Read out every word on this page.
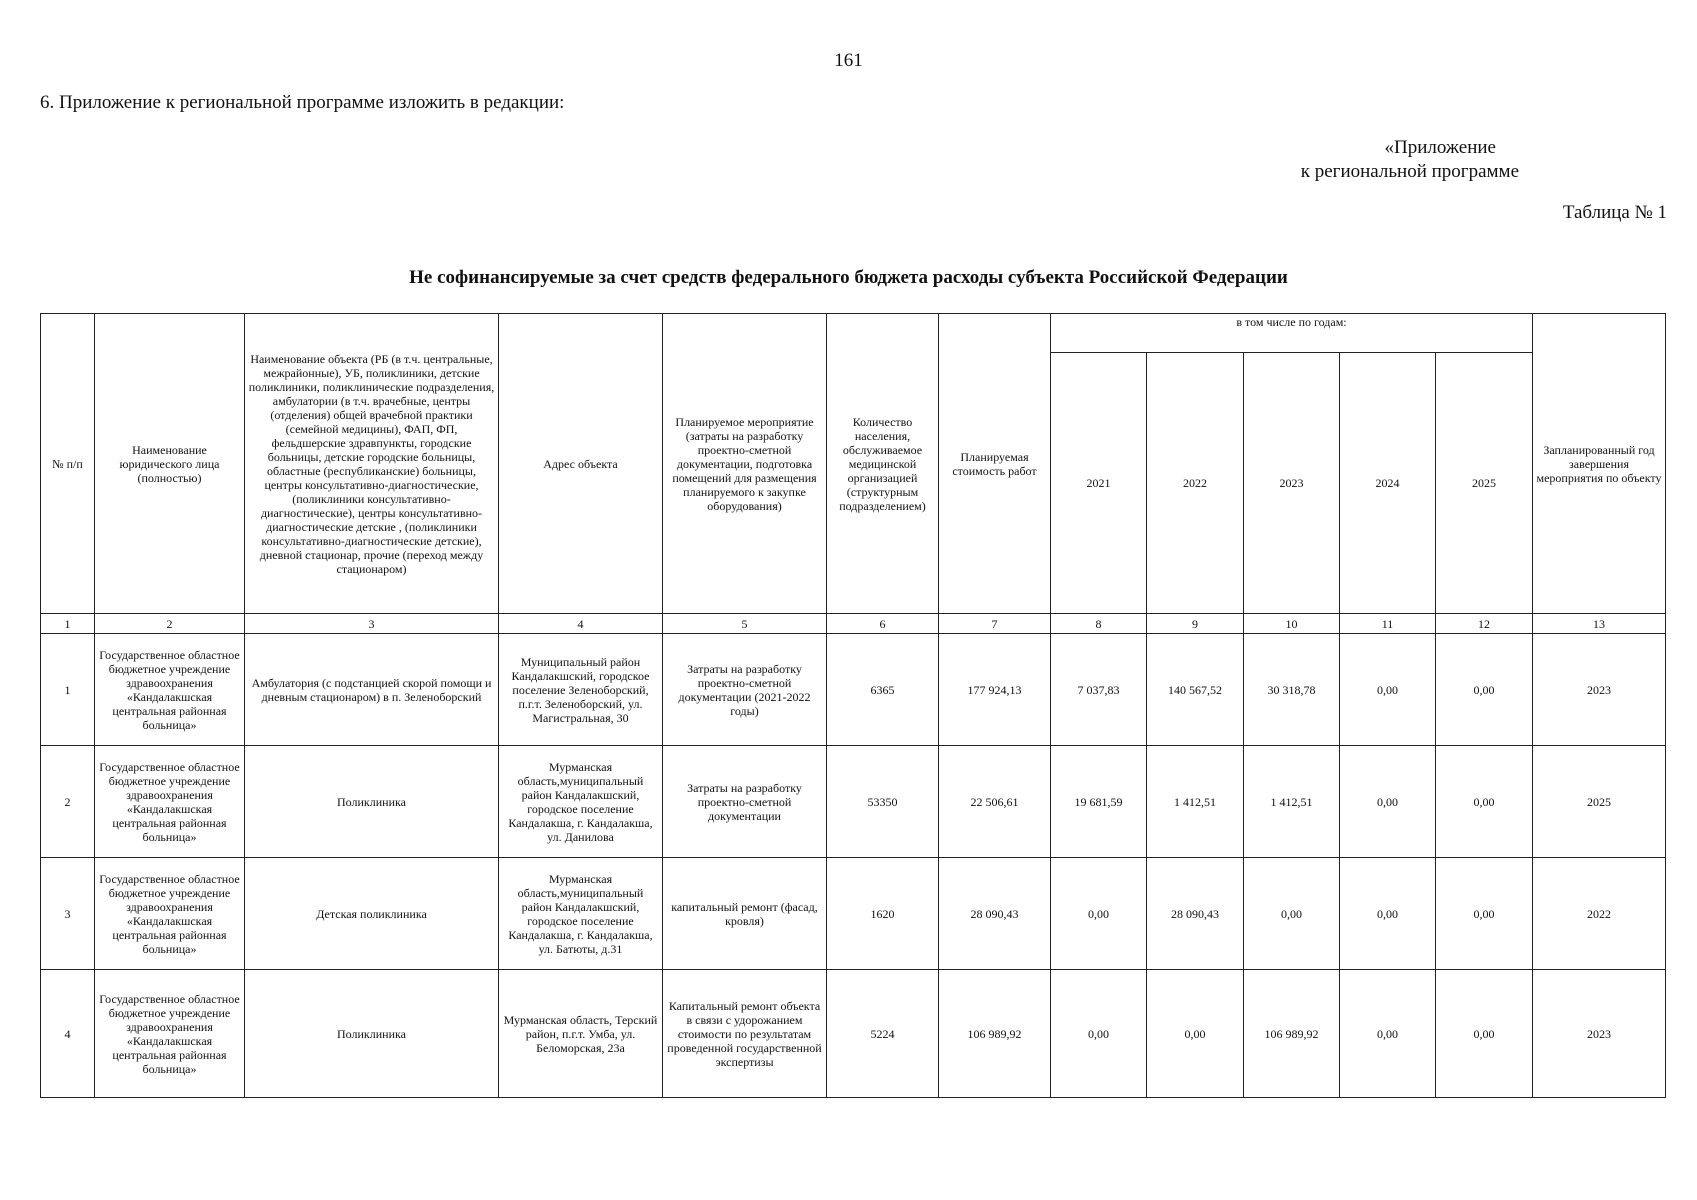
161
6. Приложение к региональной программе изложить в редакции:
«Приложение
к региональной программе
Таблица № 1
Не софинансируемые за счет средств федерального бюджета расходы субъекта Российской Федерации
№ п/п	Наименование юридического лица (полностью)	Наименование объекта (РБ (в т.ч. центральные, межрайонные), УБ, поликлиники, детские поликлиники, поликлинические подразделения, амбулатории (в т.ч. врачебные, центры (отделения) общей врачебной практики (семейной медицины), ФАП, ФП, фельдшерские здравпункты, городские больницы, детские городские больницы, областные (республиканские) больницы, центры консультативно-диагностические, (поликлиники консультативно-диагностические), центры консультативно-диагностические детские , (поликлиники консультативно-диагностические детские), дневной стационар, прочие (переход между стационаром)	Адрес объекта	Планируемое мероприятие (затраты на разработку проектно-сметной документации, подготовка помещений для размещения планируемого к закупке оборудования)	Количество населения, обслуживаемое медицинской организацией (структурным подразделением)	Планируемая стоимость работ	в том числе по годам:					Запланированный год завершения мероприятия по объекту
							2021	2022	2023	2024	2025	
1	2	3	4	5	6	7	8	9	10	11	12	13
1	Государственное областное бюджетное учреждение здравоохранения «Кандалакшская центральная районная больница»	Амбулатория (с подстанцией скорой помощи и дневным стационаром) в п. Зеленоборский	Муниципальный район Кандалакшский, городское поселение Зеленоборский, п.г.т. Зеленоборский, ул. Магистральная, 30	Затраты на разработку проектно-сметной документации (2021-2022 годы)	6365	177 924,13	7 037,83	140 567,52	30 318,78	0,00	0,00	2023
2	Государственное областное бюджетное учреждение здравоохранения «Кандалакшская центральная районная больница»	Поликлиника	Мурманская область,муниципальный район Кандалакшский, городское поселение Кандалакша, г. Кандалакша, ул. Данилова	Затраты на разработку проектно-сметной документации	53350	22 506,61	19 681,59	1 412,51	1 412,51	0,00	0,00	2025
3	Государственное областное бюджетное учреждение здравоохранения «Кандалакшская центральная районная больница»	Детская поликлиника	Мурманская область,муниципальный район Кандалакшский, городское поселение Кандалакша, г. Кандалакша, ул. Батюты, д.31	капитальный ремонт (фасад, кровля)	1620	28 090,43	0,00	28 090,43	0,00	0,00	0,00	2022
4	Государственное областное бюджетное учреждение здравоохранения «Кандалакшская центральная районная больница»	Поликлиника	Мурманская область, Терский район, п.г.т. Умба, ул. Беломорская, 23а	Капитальный ремонт объекта в связи с удорожанием стоимости по результатам проведенной государственной экспертизы	5224	106 989,92	0,00	0,00	106 989,92	0,00	0,00	2023
